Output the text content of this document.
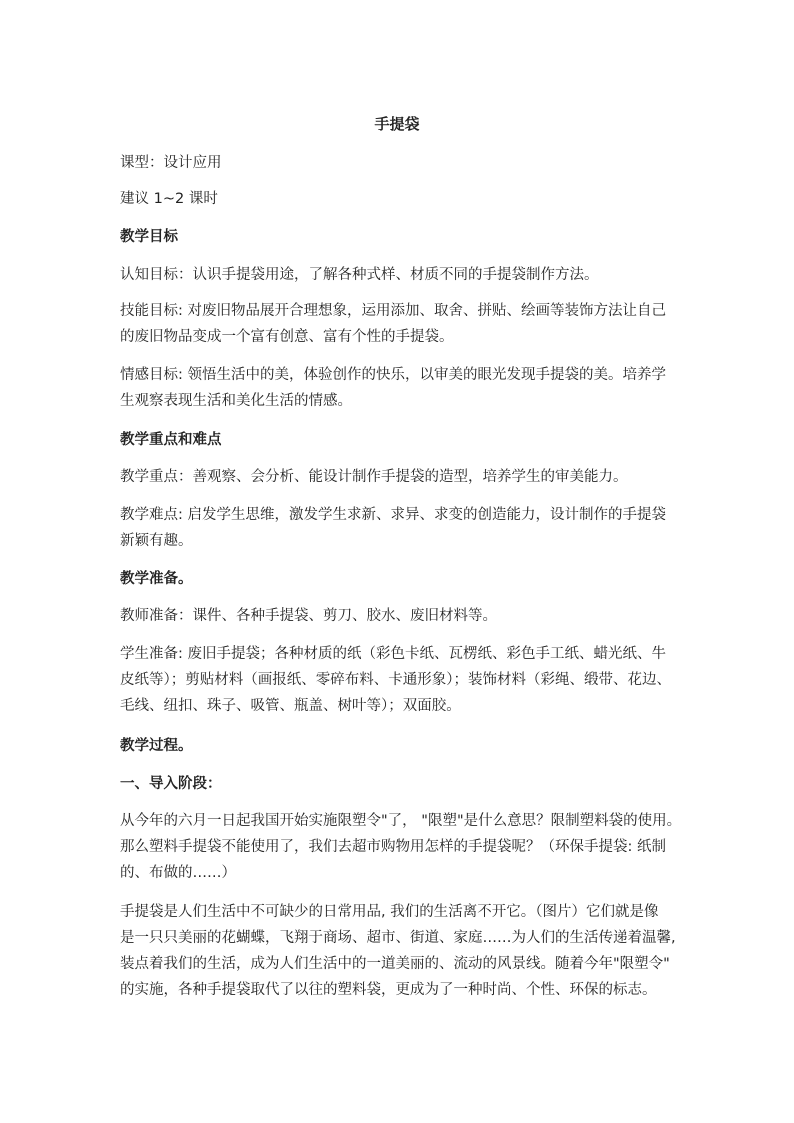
手提袋
课型：设计应用
建议 1~2 课时
教学目标
认知目标：认识手提袋用途，了解各种式样、材质不同的手提袋制作方法。
技能目标: 对废旧物品展开合理想象，运用添加、取舍、拼贴、绘画等装饰方法让自己
的废旧物品变成一个富有创意、富有个性的手提袋。
情感目标: 领悟生活中的美，体验创作的快乐，以审美的眼光发现手提袋的美。培养学
生观察表现生活和美化生活的情感。
教学重点和难点
教学重点：善观察、会分析、能设计制作手提袋的造型，培养学生的审美能力。
教学难点: 启发学生思维，激发学生求新、求异、求变的创造能力，设计制作的手提袋
新颖有趣。
教学准备。
教师准备：课件、各种手提袋、剪刀、胶水、废旧材料等。
学生准备: 废旧手提袋；各种材质的纸（彩色卡纸、瓦楞纸、彩色手工纸、蜡光纸、牛
皮纸等）；剪贴材料（画报纸、零碎布料、卡通形象）；装饰材料（彩绳、缎带、花边、
毛线、纽扣、珠子、吸管、瓶盖、树叶等）；双面胶。
教学过程。
一、导入阶段：
从今年的六月一日起我国开始实施限塑令"了， "限塑"是什么意思？限制塑料袋的使用。
那么塑料手提袋不能使用了，我们去超市购物用怎样的手提袋呢？（环保手提袋: 纸制
的、布做的……）
手提袋是人们生活中不可缺少的日常用品, 我们的生活离不开它。（图片）它们就是像
是一只只美丽的花蝴蝶，飞翔于商场、超市、街道、家庭……为人们的生活传递着温馨,
装点着我们的生活，成为人们生活中的一道美丽的、流动的风景线。随着今年"限塑令"
的实施，各种手提袋取代了以往的塑料袋，更成为了一种时尚、个性、环保的标志。
